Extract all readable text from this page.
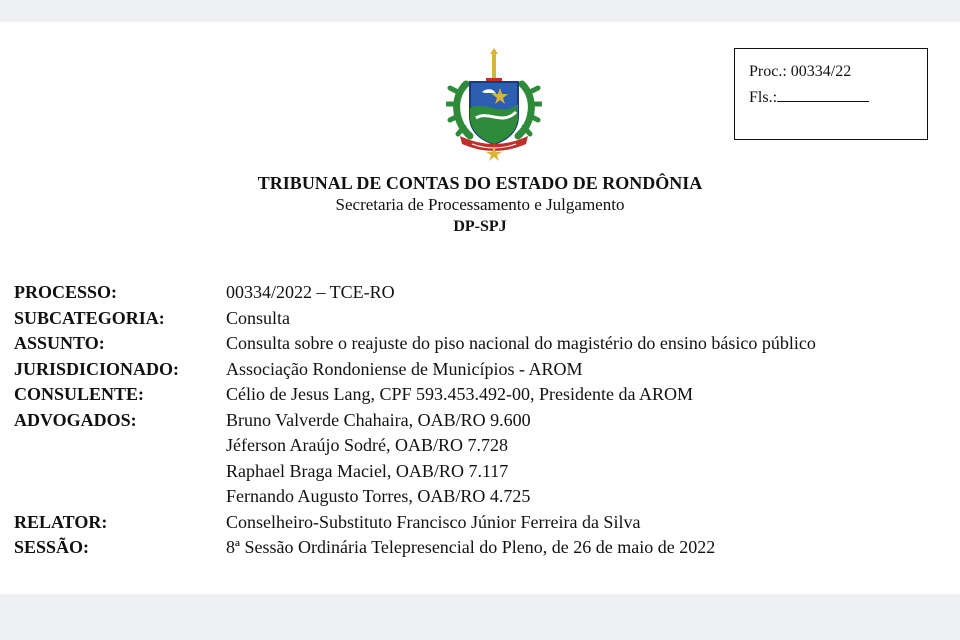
Proc.: 00334/22
Fls.:
TRIBUNAL DE CONTAS DO ESTADO DE RONDÔNIA
Secretaria de Processamento e Julgamento
DP-SPJ
PROCESSO:	00334/2022 – TCE-RO
SUBCATEGORIA:	Consulta
ASSUNTO:	Consulta sobre o reajuste do piso nacional do magistério do ensino básico público
JURISDICIONADO:	Associação Rondoniense de Municípios - AROM
CONSULENTE:	Célio de Jesus Lang, CPF 593.453.492-00, Presidente da AROM
ADVOGADOS:	Bruno Valverde Chahaira, OAB/RO 9.600
Jéferson Araújo Sodré, OAB/RO 7.728
Raphael Braga Maciel, OAB/RO 7.117
Fernando Augusto Torres, OAB/RO 4.725
RELATOR:	Conselheiro-Substituto Francisco Júnior Ferreira da Silva
SESSÃO:	8ª Sessão Ordinária Telepresencial do Pleno, de 26 de maio de 2022
